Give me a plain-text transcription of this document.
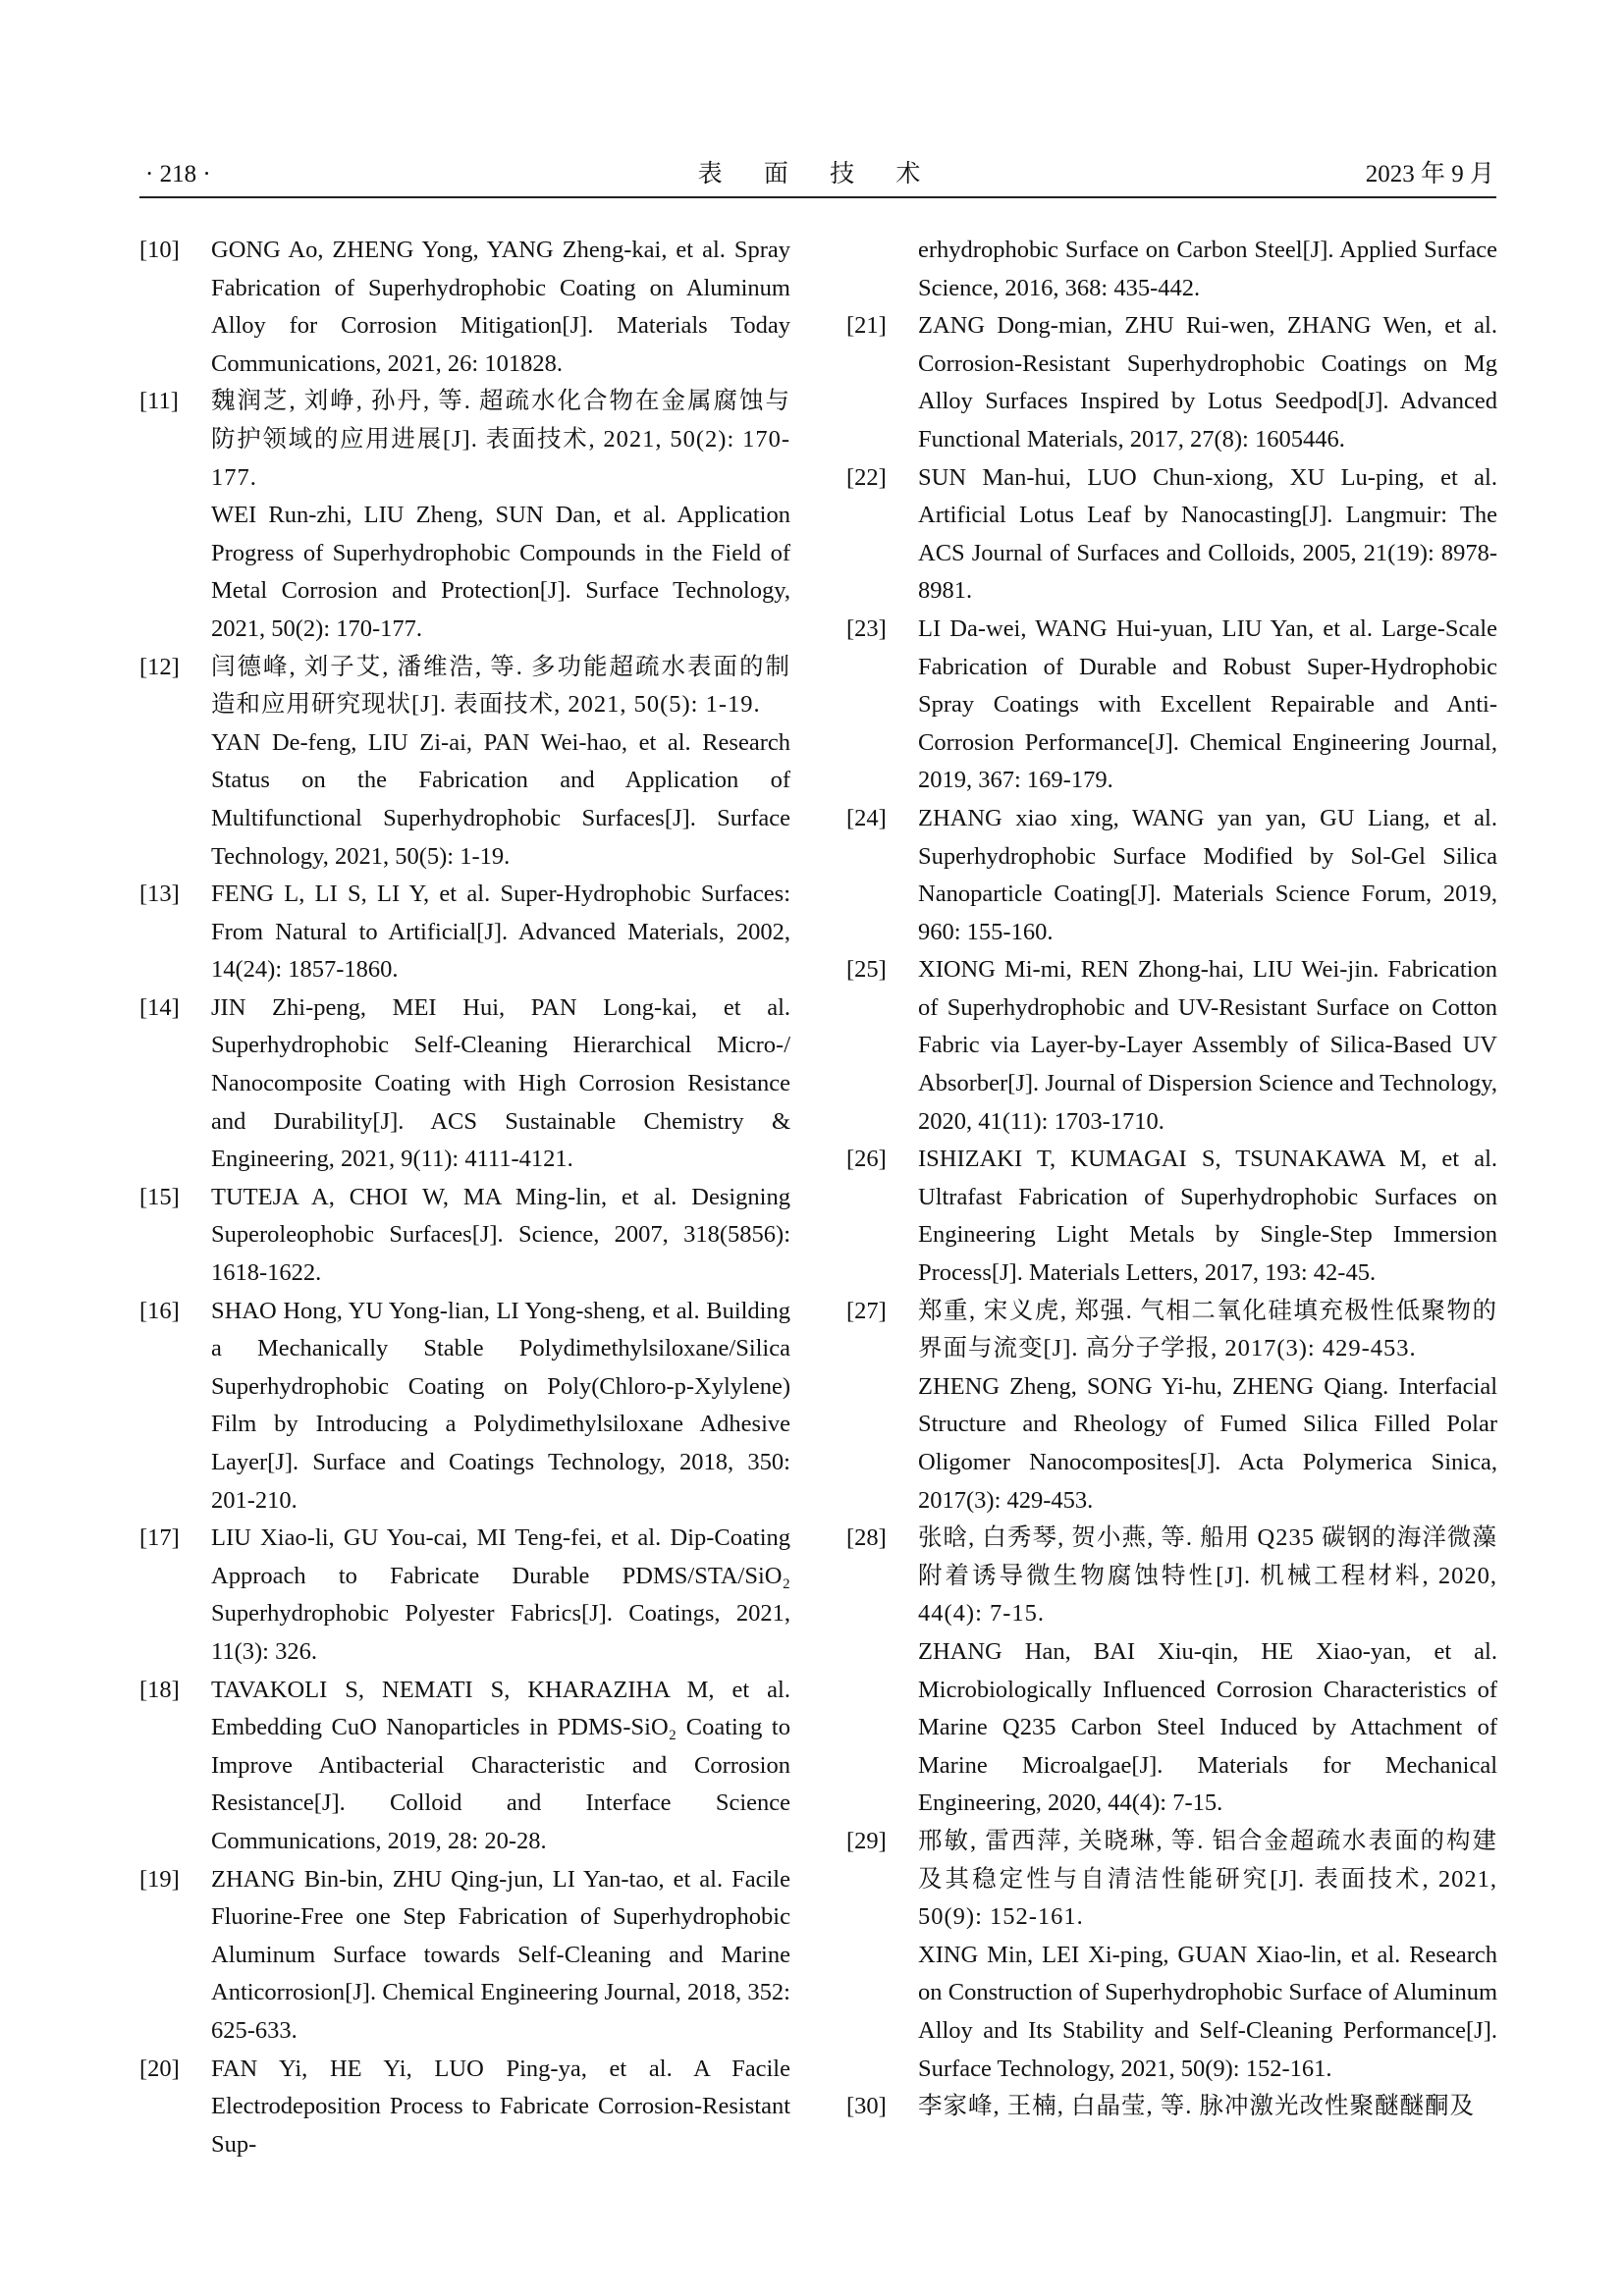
· 218 ·	表 面 技 术	2023 年 9 月
[10] GONG Ao, ZHENG Yong, YANG Zheng-kai, et al. Spray Fabrication of Superhydrophobic Coating on Aluminum Alloy for Corrosion Mitigation[J]. Materials Today Communications, 2021, 26: 101828.

[11] 魏润芝, 刘峥, 孙丹, 等. 超疏水化合物在金属腐蚀与防护领域的应用进展[J]. 表面技术, 2021, 50(2): 170-177.

WEI Run-zhi, LIU Zheng, SUN Dan, et al. Application Progress of Superhydrophobic Compounds in the Field of Metal Corrosion and Protection[J]. Surface Technology, 2021, 50(2): 170-177.

[12] 闫德峰, 刘子艾, 潘维浩, 等. 多功能超疏水表面的制造和应用研究现状[J]. 表面技术, 2021, 50(5): 1-19.

YAN De-feng, LIU Zi-ai, PAN Wei-hao, et al. Research Status on the Fabrication and Application of Multifunctional Superhydrophobic Surfaces[J]. Surface Technology, 2021, 50(5): 1-19.

[13] FENG L, LI S, LI Y, et al. Super-Hydrophobic Surfaces: From Natural to Artificial[J]. Advanced Materials, 2002, 14(24): 1857-1860.

[14] JIN Zhi-peng, MEI Hui, PAN Long-kai, et al. Superhydrophobic Self-Cleaning Hierarchical Micro-/ Nanocomposite Coating with High Corrosion Resistance and Durability[J]. ACS Sustainable Chemistry & Engineering, 2021, 9(11): 4111-4121.

[15] TUTEJA A, CHOI W, MA Ming-lin, et al. Designing Superoleophobic Surfaces[J]. Science, 2007, 318(5856): 1618-1622.

[16] SHAO Hong, YU Yong-lian, LI Yong-sheng, et al. Building a Mechanically Stable Polydimethylsiloxane/Silica Superhydrophobic Coating on Poly(Chloro-p-Xylylene) Film by Introducing a Polydimethylsiloxane Adhesive Layer[J]. Surface and Coatings Technology, 2018, 350: 201-210.

[17] LIU Xiao-li, GU You-cai, MI Teng-fei, et al. Dip-Coating Approach to Fabricate Durable PDMS/STA/SiO₂ Superhydrophobic Polyester Fabrics[J]. Coatings, 2021, 11(3): 326.

[18] TAVAKOLI S, NEMATI S, KHARAZIHA M, et al. Embedding CuO Nanoparticles in PDMS-SiO₂ Coating to Improve Antibacterial Characteristic and Corrosion Resistance[J]. Colloid and Interface Science Communications, 2019, 28: 20-28.

[19] ZHANG Bin-bin, ZHU Qing-jun, LI Yan-tao, et al. Facile Fluorine-Free one Step Fabrication of Superhydrophobic Aluminum Surface towards Self-Cleaning and Marine Anticorrosion[J]. Chemical Engineering Journal, 2018, 352: 625-633.

[20] FAN Yi, HE Yi, LUO Ping-ya, et al. A Facile Electrodeposition Process to Fabricate Corrosion-Resistant Sup-

erhydrophobic Surface on Carbon Steel[J]. Applied Surface Science, 2016, 368: 435-442.

[21] ZANG Dong-mian, ZHU Rui-wen, ZHANG Wen, et al. Corrosion-Resistant Superhydrophobic Coatings on Mg Alloy Surfaces Inspired by Lotus Seedpod[J]. Advanced Functional Materials, 2017, 27(8): 1605446.

[22] SUN Man-hui, LUO Chun-xiong, XU Lu-ping, et al. Artificial Lotus Leaf by Nanocasting[J]. Langmuir: The ACS Journal of Surfaces and Colloids, 2005, 21(19): 8978-8981.

[23] LI Da-wei, WANG Hui-yuan, LIU Yan, et al. Large-Scale Fabrication of Durable and Robust Super-Hydrophobic Spray Coatings with Excellent Repairable and Anti-Corrosion Performance[J]. Chemical Engineering Journal, 2019, 367: 169-179.

[24] ZHANG xiao xing, WANG yan yan, GU Liang, et al. Superhydrophobic Surface Modified by Sol-Gel Silica Nanoparticle Coating[J]. Materials Science Forum, 2019, 960: 155-160.

[25] XIONG Mi-mi, REN Zhong-hai, LIU Wei-jin. Fabrication of Superhydrophobic and UV-Resistant Surface on Cotton Fabric via Layer-by-Layer Assembly of Silica-Based UV Absorber[J]. Journal of Dispersion Science and Technology, 2020, 41(11): 1703-1710.

[26] ISHIZAKI T, KUMAGAI S, TSUNAKAWA M, et al. Ultrafast Fabrication of Superhydrophobic Surfaces on Engineering Light Metals by Single-Step Immersion Process[J]. Materials Letters, 2017, 193: 42-45.

[27] 郑重, 宋义虎, 郑强. 气相二氧化硅填充极性低聚物的界面与流变[J]. 高分子学报, 2017(3): 429-453.

ZHENG Zheng, SONG Yi-hu, ZHENG Qiang. Interfacial Structure and Rheology of Fumed Silica Filled Polar Oligomer Nanocomposites[J]. Acta Polymerica Sinica, 2017(3): 429-453.

[28] 张晗, 白秀琴, 贺小燕, 等. 船用 Q235 碳钢的海洋微藻附着诱导微生物腐蚀特性[J]. 机械工程材料, 2020, 44(4): 7-15.

ZHANG Han, BAI Xiu-qin, HE Xiao-yan, et al. Microbiologically Influenced Corrosion Characteristics of Marine Q235 Carbon Steel Induced by Attachment of Marine Microalgae[J]. Materials for Mechanical Engineering, 2020, 44(4): 7-15.

[29] 邢敏, 雷西萍, 关晓琳, 等. 铝合金超疏水表面的构建及其稳定性与自清洁性能研究[J]. 表面技术, 2021, 50(9): 152-161.

XING Min, LEI Xi-ping, GUAN Xiao-lin, et al. Research on Construction of Superhydrophobic Surface of Aluminum Alloy and Its Stability and Self-Cleaning Performance[J]. Surface Technology, 2021, 50(9): 152-161.

[30] 李家峰, 王楠, 白晶莹, 等. 脉冲激光改性聚醚醚酮及
